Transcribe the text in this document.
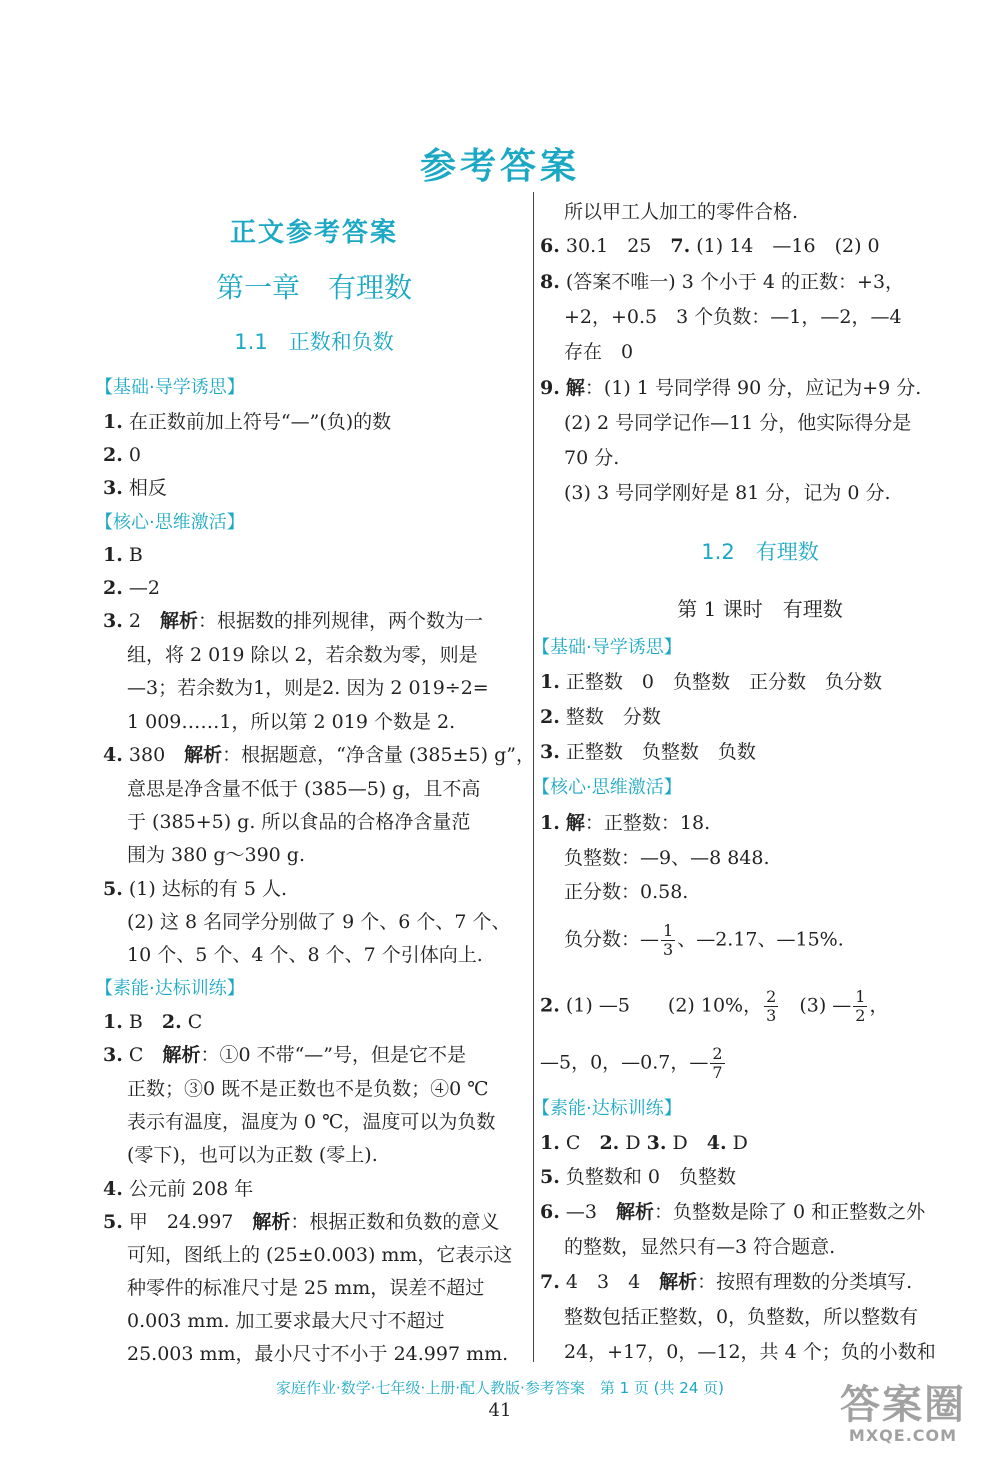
参考答案
正文参考答案
第一章　有理数
1.1　正数和负数
【基础·导学诱思】
1. 在正数前加上符号“—”(负)的数
2. 0
3. 相反
【核心·思维激活】
1. B
2. —2
3. 2　解析：根据数的排列规律，两个数为一
组，将 2 019 除以 2，若余数为零，则是
—3；若余数为1，则是2. 因为 2 019÷2=
1 009……1，所以第 2 019 个数是 2.
4. 380　解析：根据题意，“净含量 (385±5) g”，
意思是净含量不低于 (385—5) g，且不高
于 (385+5) g. 所以食品的合格净含量范
围为 380 g～390 g.
5. (1) 达标的有 5 人.
(2) 这 8 名同学分别做了 9 个、6 个、7 个、
10 个、5 个、4 个、8 个、7 个引体向上.
【素能·达标训练】
1. B　 2. C
3. C　解析：①0 不带“—”号，但是它不是
正数；③0 既不是正数也不是负数；④0 ℃
表示有温度，温度为 0 ℃，温度可以为负数
(零下)，也可以为正数 (零上).
4. 公元前 208 年
5. 甲　24.997　解析：根据正数和负数的意义
可知，图纸上的 (25±0.003) mm，它表示这
种零件的标准尺寸是 25 mm，误差不超过
0.003 mm. 加工要求最大尺寸不超过
25.003 mm，最小尺寸不小于 24.997 mm.
所以甲工人加工的零件合格.
6. 30.1　25　7. (1) 14　—16　(2) 0
8. (答案不唯一) 3 个小于 4 的正数：+3，
+2，+0.5　3 个负数：—1，—2，—4
存在　0
9. 解：(1) 1 号同学得 90 分，应记为+9 分.
(2) 2 号同学记作—11 分，他实际得分是
70 分.
(3) 3 号同学刚好是 81 分，记为 0 分.
1.2　有理数
第 1 课时　有理数
【基础·导学诱思】
1. 正整数　0　负整数　正分数　负分数
2. 整数　分数
3. 正整数　负整数　负数
【核心·思维激活】
1. 解：正整数：18.
负整数：—9、—8 848.
正分数：0.58.
负分数：— $\frac{1}{3}$ 、—2.17、—15%.
2. (1) —5　　(2) 10%， $\frac{2}{3}$ 　(3) — $\frac{1}{2}$ ，
—5，0，—0.7，— $\frac{2}{7}$
【素能·达标训练】
1. C　 2. D 3. D　 4. D
5. 负整数和 0　负整数
6. —3　解析：负整数是除了 0 和正整数之外
的整数，显然只有—3 符合题意.
7. 4　3　4　解析：按照有理数的分类填写.
整数包括正整数，0，负整数，所以整数有
24，+17，0，—12，共 4 个；负的小数和
家庭作业·数学·七年级·上册·配人教版·参考答案　第 1 页 (共 24 页)
41	答案圈
MXQE.COM
